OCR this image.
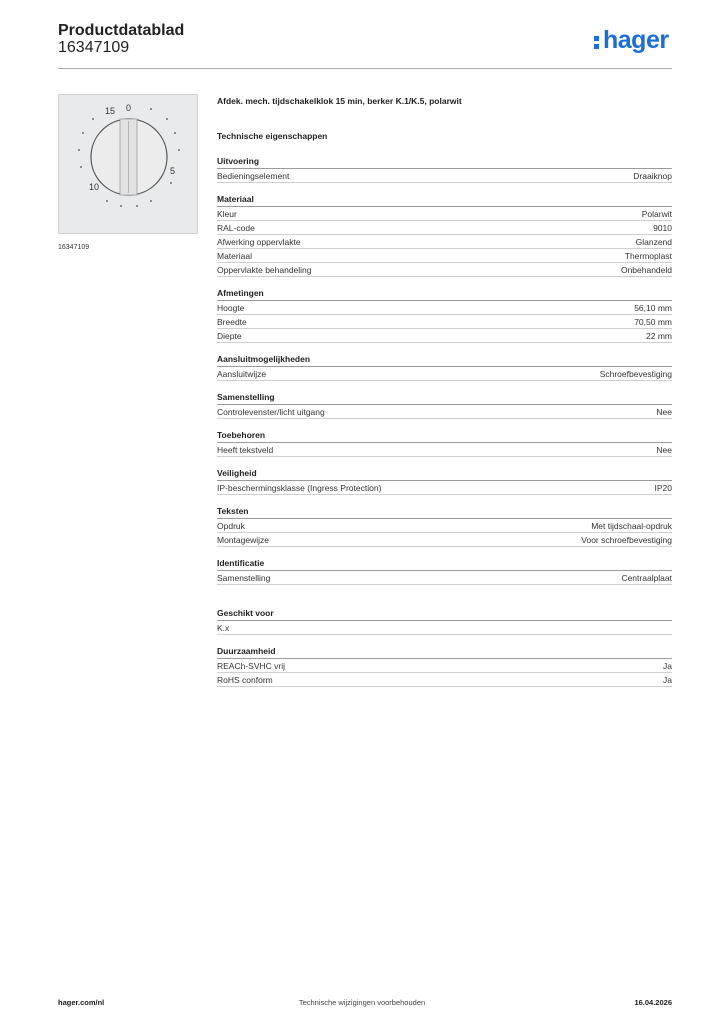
Productdatablad
16347109	hager
15 0
5
10
16347109
Afdek. mech. tijdschakelklok 15 min, berker K.1/K.5, polarwit
Technische eigenschappen
Uitvoering
Bedieningselement	Draaiknop
Materiaal
Kleur	Polarwit
RAL-code	9010
Afwerking oppervlakte	Glanzend
Materiaal	Thermoplast
Oppervlakte behandeling	Onbehandeld
Afmetingen
Hoogte	56,10 mm
Breedte	70,50 mm
Diepte	22 mm
Aansluitmogelijkheden
Aansluitwijze	Schroefbevestiging
Samenstelling
Controlevenster/licht uitgang	Nee
Toebehoren
Heeft tekstveld	Nee
Veiligheid
IP-beschermingsklasse (Ingress Protection)	IP20
Teksten
Opdruk	Met tijdschaal-opdruk
Montagewijze	Voor schroefbevestiging
Identificatie
Samenstelling	Centraalplaat
Geschikt voor
K.x
Duurzaamheid
REACh-SVHC vrij	Ja
RoHS conform	Ja
hager.com/nl	Technische wijzigingen voorbehouden	16.04.2026
